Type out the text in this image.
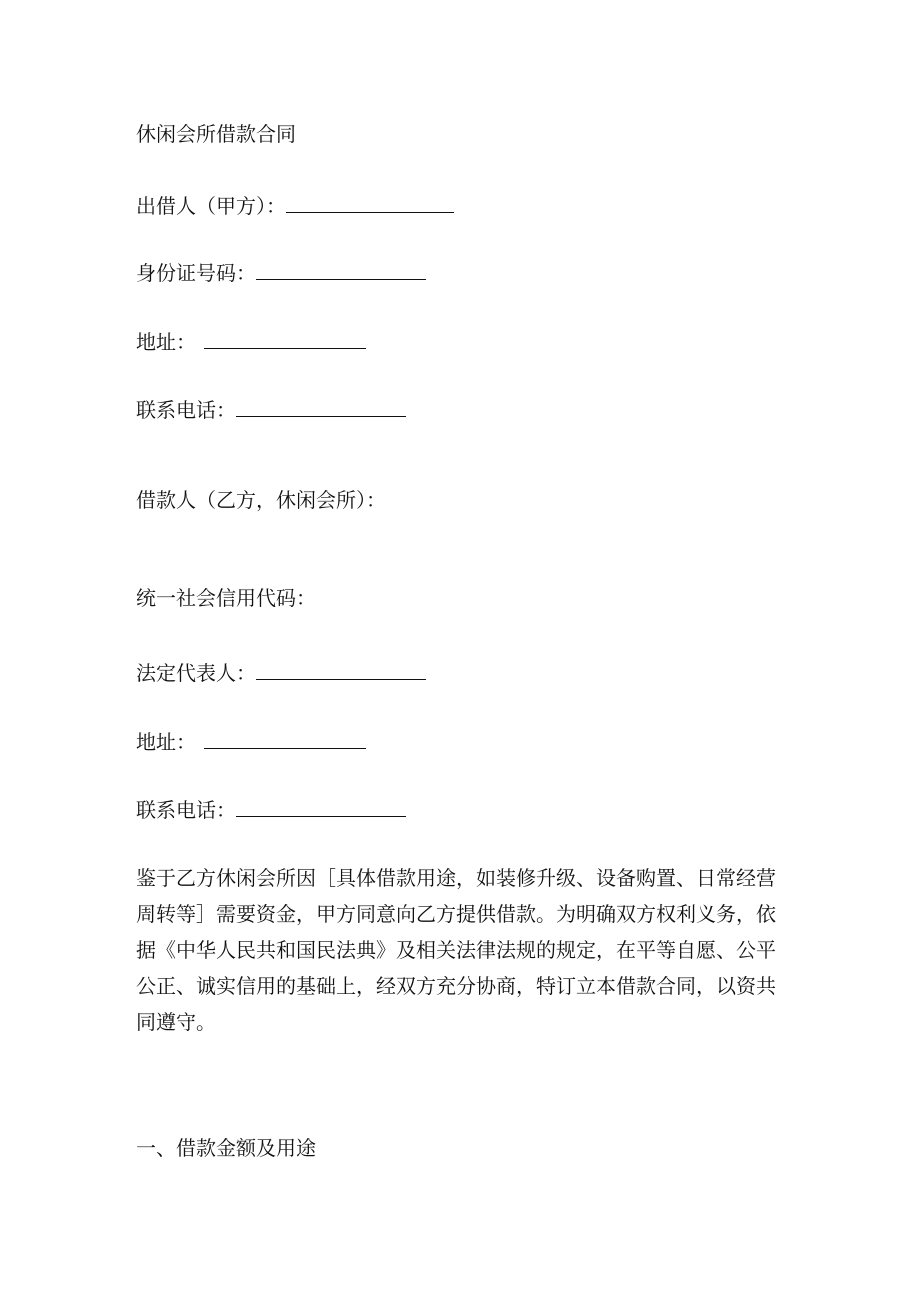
休闲会所借款合同
出借人（甲方）：
身份证号码：
地址：
联系电话：
借款人（乙方，休闲会所）：
统一社会信用代码：
法定代表人：
地址：
联系电话：
鉴于乙方休闲会所因［具体借款用途，如装修升级、设备购置、日常经营
周转等］需要资金，甲方同意向乙方提供借款。为明确双方权利义务，依
据《中华人民共和国民法典》及相关法律法规的规定，在平等自愿、公平
公正、诚实信用的基础上，经双方充分协商，特订立本借款合同，以资共
同遵守。
一、借款金额及用途
